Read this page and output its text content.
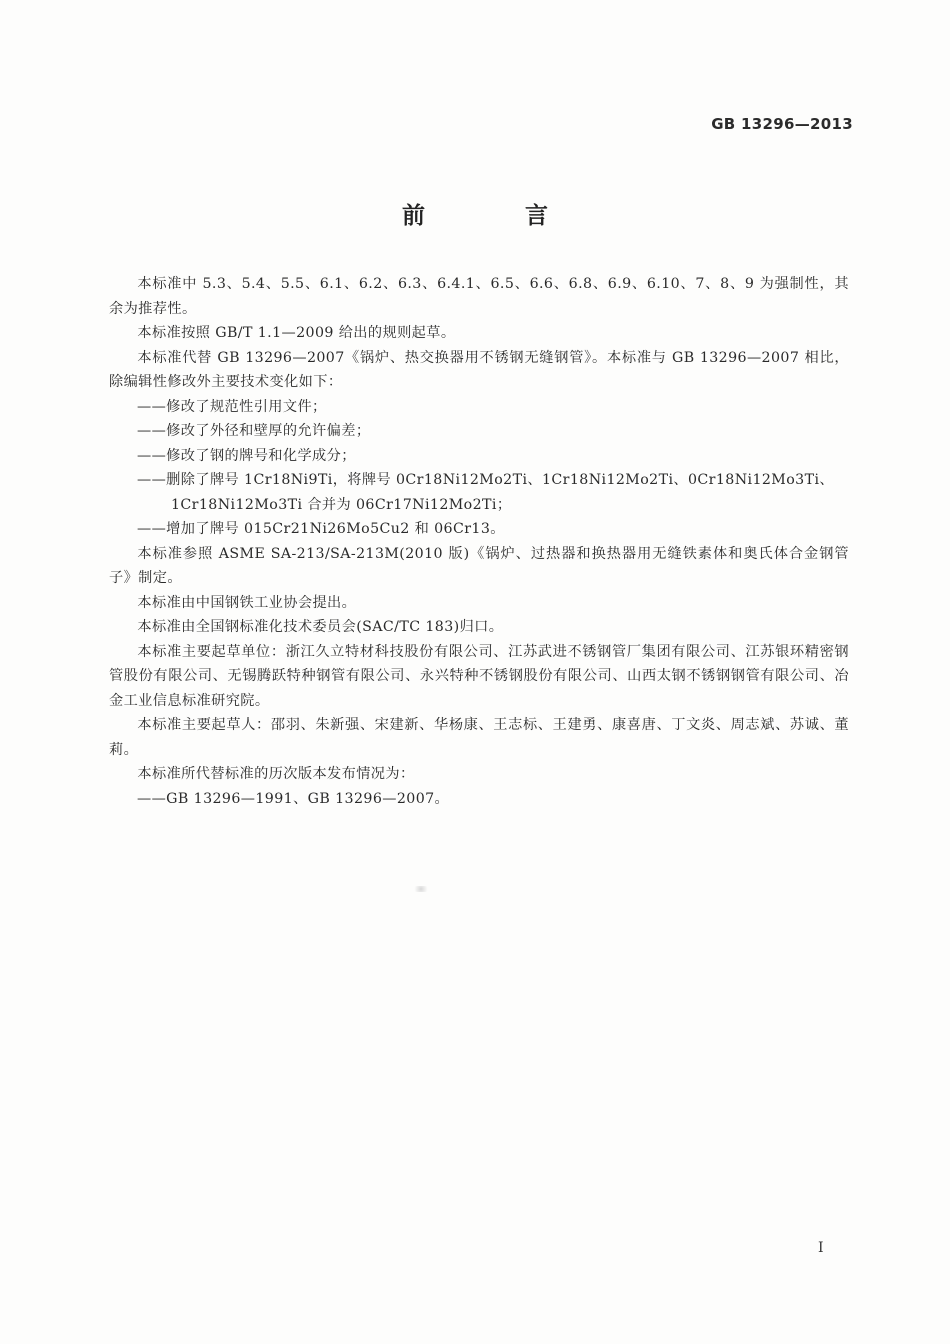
GB 13296—2013
前 言

本标准中 5.3、5.4、5.5、6.1、6.2、6.3、6.4.1、6.5、6.6、6.8、6.9、6.10、7、8、9 为强制性，其余为推荐性。

本标准按照 GB/T 1.1—2009 给出的规则起草。

本标准代替 GB 13296—2007《锅炉、热交换器用不锈钢无缝钢管》。本标准与 GB 13296—2007 相比，除编辑性修改外主要技术变化如下：

——修改了规范性引用文件；

——修改了外径和壁厚的允许偏差；

——修改了钢的牌号和化学成分；

——删除了牌号 1Cr18Ni9Ti，将牌号 0Cr18Ni12Mo2Ti、1Cr18Ni12Mo2Ti、0Cr18Ni12Mo3Ti、
1Cr18Ni12Mo3Ti 合并为 06Cr17Ni12Mo2Ti；

——增加了牌号 015Cr21Ni26Mo5Cu2 和 06Cr13。

本标准参照 ASME SA-213/SA-213M(2010 版)《锅炉、过热器和换热器用无缝铁素体和奥氏体合金钢管子》制定。

本标准由中国钢铁工业协会提出。

本标准由全国钢标准化技术委员会(SAC/TC 183)归口。

本标准主要起草单位：浙江久立特材科技股份有限公司、江苏武进不锈钢管厂集团有限公司、江苏银环精密钢管股份有限公司、无锡腾跃特种钢管有限公司、永兴特种不锈钢股份有限公司、山西太钢不锈钢钢管有限公司、冶金工业信息标准研究院。

本标准主要起草人：邵羽、朱新强、宋建新、华杨康、王志标、王建勇、康喜唐、丁文炎、周志斌、苏诚、董莉。

本标准所代替标准的历次版本发布情况为：

——GB 13296—1991、GB 13296—2007。

I
